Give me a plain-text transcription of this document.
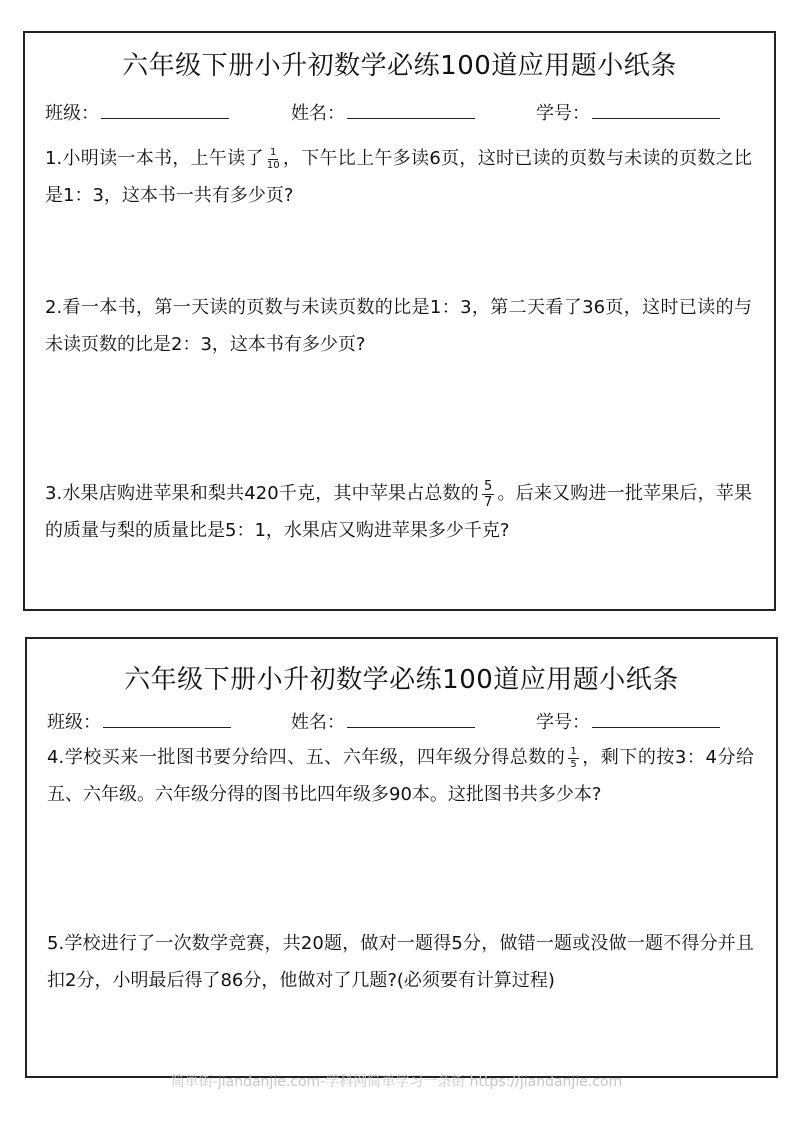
六年级下册小升初数学必练100道应用题小纸条
班级：	姓名：	学号：
1.小明读一本书，上午读了 $\frac{1}{10}$ ，下午比上午多读6页，这时已读的页数与未读的页数之比是1：3，这本书一共有多少页?
2.看一本书，第一天读的页数与未读页数的比是1：3，第二天看了36页，这时已读的与未读页数的比是2：3，这本书有多少页?
3.水果店购进苹果和梨共420千克，其中苹果占总数的 $\frac{5}{7}$ 。后来又购进一批苹果后，苹果的质量与梨的质量比是5：1，水果店又购进苹果多少千克?
六年级下册小升初数学必练100道应用题小纸条
班级：	姓名：	学号：
4.学校买来一批图书要分给四、五、六年级，四年级分得总数的 $\frac{1}{5}$ ，剩下的按3：4分给五、六年级。六年级分得的图书比四年级多90本。这批图书共多少本?
5.学校进行了一次数学竞赛，共20题，做对一题得5分，做错一题或没做一题不得分并且扣2分，小明最后得了86分，他做对了几题?(必须要有计算过程)
简单街-jiandanjie.com-学科网简单学习一条街 https://jiandanjie.com
